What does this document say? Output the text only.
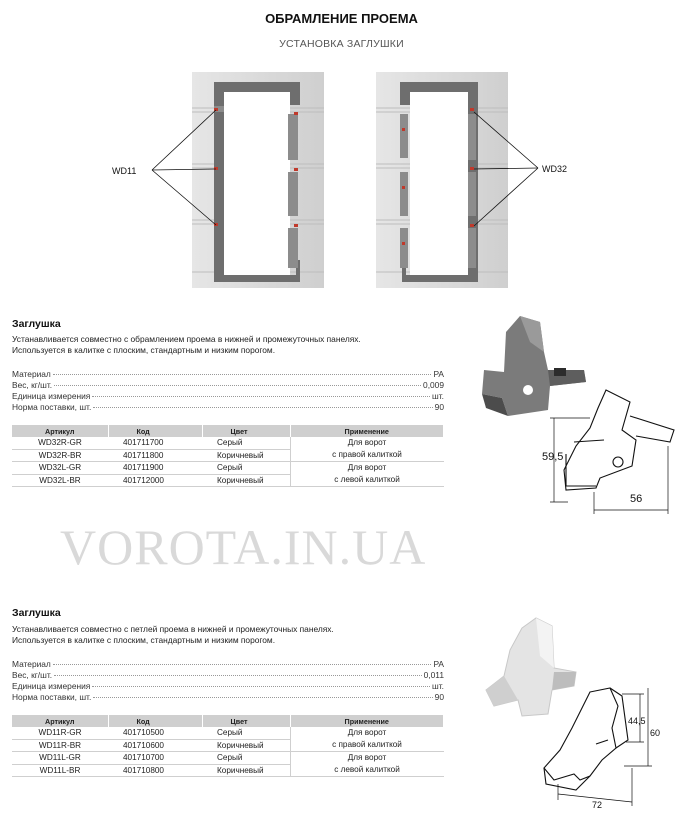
ОБРАМЛЕНИЕ ПРОЕМА
УСТАНОВКА ЗАГЛУШКИ
WD11	WD32
Заглушка
Устанавливается совместно с обрамлением проема в нижней и промежуточных панелях.
Используется в калитке с плоским, стандартным и низким порогом.
Материал	PA
Вес, кг/шт.	0,009
Единица измерения	шт.
Норма поставки, шт.	90
Артикул	Код	Цвет	Применение
WD32R-GR	401711700	Серый	Для ворот
с правой калиткой

WD32R-BR	401711800	Коричневый	
WD32L-GR	401711900	Серый	Для ворот
с левой калиткой

WD32L-BR	401712000	Коричневый	
59,5
56
VOROTA.IN.UA
Заглушка
Устанавливается совместно с петлей проема в нижней и промежуточных панелях.
Используется в калитке с плоским, стандартным и низким порогом.
Материал	PA
Вес, кг/шт.	0,011
Единица измерения	шт.
Норма поставки, шт.	90
Артикул	Код	Цвет	Применение
WD11R-GR	401710500	Серый	Для ворот
с правой калиткой

WD11R-BR	401710600	Коричневый	
WD11L-GR	401710700	Серый	Для ворот
с левой калиткой

WD11L-BR	401710800	Коричневый	
44,5
60
72
